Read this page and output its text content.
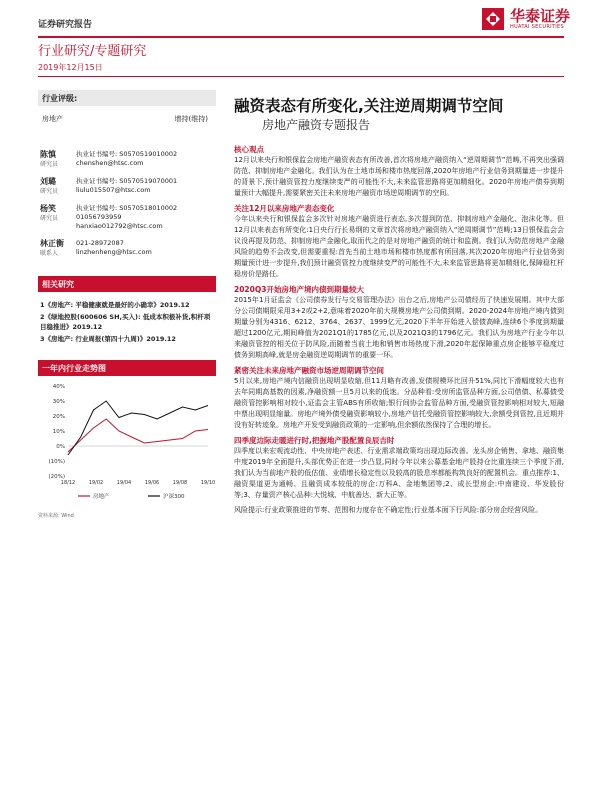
证券研究报告
华泰证券
HUATAI SECURITIES
行业研究/专题研究
2019年12月15日
行业评级:
房地产	增持(维持)
陈慎
研究员
执业证书编号: S0570519010002
chenshen@htsc.com
刘璐
研究员
执业证书编号: S0570519070001
liulu015507@htsc.com
杨笑
研究员
执业证书编号: S0570518010002
01056793959
hanxiao012792@htsc.com
林正衡
联系人
021-28972087
linzhenheng@htsc.com
相关研究
1《房地产: 平稳健康就是最好的小确幸》2019.12
2《绿地控股(600606 SH,买入): 低成本积极补货,积杆项目稳推进》2019.12
3《房地产: 行业周报(第四十九周)》2019.12
一年内行业走势图
40%
30%
20%
10%
0%
(10%)
(20%)
18/12	19/02	19/04	19/06	19/08	19/10
房地产	沪深300
资料来源: Wind
融资表态有所变化,关注逆周期调节空间
房地产融资专题报告
核心观点
12月以来央行和银保监会房地产融资表态有所改善,首次将房地产融资纳入“逆周期调节”范畴,不再突出强调防范、抑制房地产金融化。我们认为在土地市场和楼市热度回落,2020年房地产行业信务到期量进一步提升的背景下,预计融资管控力度继续变严的可能性不大,未来监管思路将更加精细化。2020年房地产债券到期量预计大幅提升,需要紧密关注未来房地产融资市场逆周期调节的空间。
关注12月以来房地产表态变化
今年以来央行和银保监会多次针对房地产融资进行表态,多次提到防范、抑制房地产金融化、泡沫化等。但12月以来表态有所变化:1日央行行长易纲的文章首次将房地产融资纳入“逆周期调节”范畴;13日银保监会会议没再提及防范、抑制房地产金融化,取而代之的是对房地产融资的统计和监测。我们认为防范房地产金融风险的趋势不会改变,但需要重视:首先当前土地市场和楼市热度都有所回落,其次2020年房地产行业信务到期量预计进一步提升,我们预计融资管控力度继续变严的可能性不大,未来监管思路将更加精细化,保障稳杠杆稳房价是路任。
2020Q3开始房地产境内债到期量较大
2015年1月证监会《公司债券发行与交易管理办法》出台之后,房地产公司债经历了快速发展期。其中大部分公司债期限采用3+2或2+2,意味着2020年前大规模房地产公司债到期。2020-2024年房地产境内债到期量分别为4316、6212、3764、2637、1999亿元,2020下半年开始进入偿债高峰,连续6个季度到期量超过1200亿元,期间峰值为2021Q1的1785亿元,以及2021Q3的1796亿元。我们认为房地产行业今年以来融资管控的相关位于防风险,而随着当前土地和销售市场热度下滑,2020年起保障重点房企能够平稳度过债务到期高峰,就是房金融资逆周期调节的重要一环。
紧密关注未来房地产融资市场逆周期调节空间
5月以来,房地产境内信融资出现明显收缩,但11月略有改善,发债规模环比回升51%,同比下滑幅度较大也有去年同期高基数的因素,净融资额一旦5月以来的低迷。分品种看:受房所监管品种方面,公司借债、私募债受融资管控影响相对较小,证监会主管ABS有所收缩;银行间协会监管品种方面,受融资管控影响相对较大,短融中票出现明显缩量。房地产境外债受融资影响较小,房地产信托受融资管控影响较大,余额受到管控,且近期并没有好转迹象。房地产开发受到融资政策的一定影响,但余额依然保持了合理的增长。
四季度边际走暖进行时,把握地产股配置良辰吉时
四季度以来宏观流动性、中央房地产表述、行业需求端政策均出现边际改善。龙头房企销售、拿地、融资集中度2019年全面提升,头部优势正在进一步凸显,同时今年以来公募基金地产股持仓比重连续三个季度下滑,我们认为当前地产股的低估值、业绩增长稳定性以及较高的股息率都能构筑良好的配置机会。重点推荐:1、融资渠道更为通畅、且融资成本较低的房企:万科A、金地集团等;2、成长型房企:中南建设、华发股份等;3、存量资产核心品种:大悦城、中航善达、新大正等。
风险提示:行业政策推进的节奏、范围和力度存在不确定性;行业基本面下行风险:部分房企经营风险。
